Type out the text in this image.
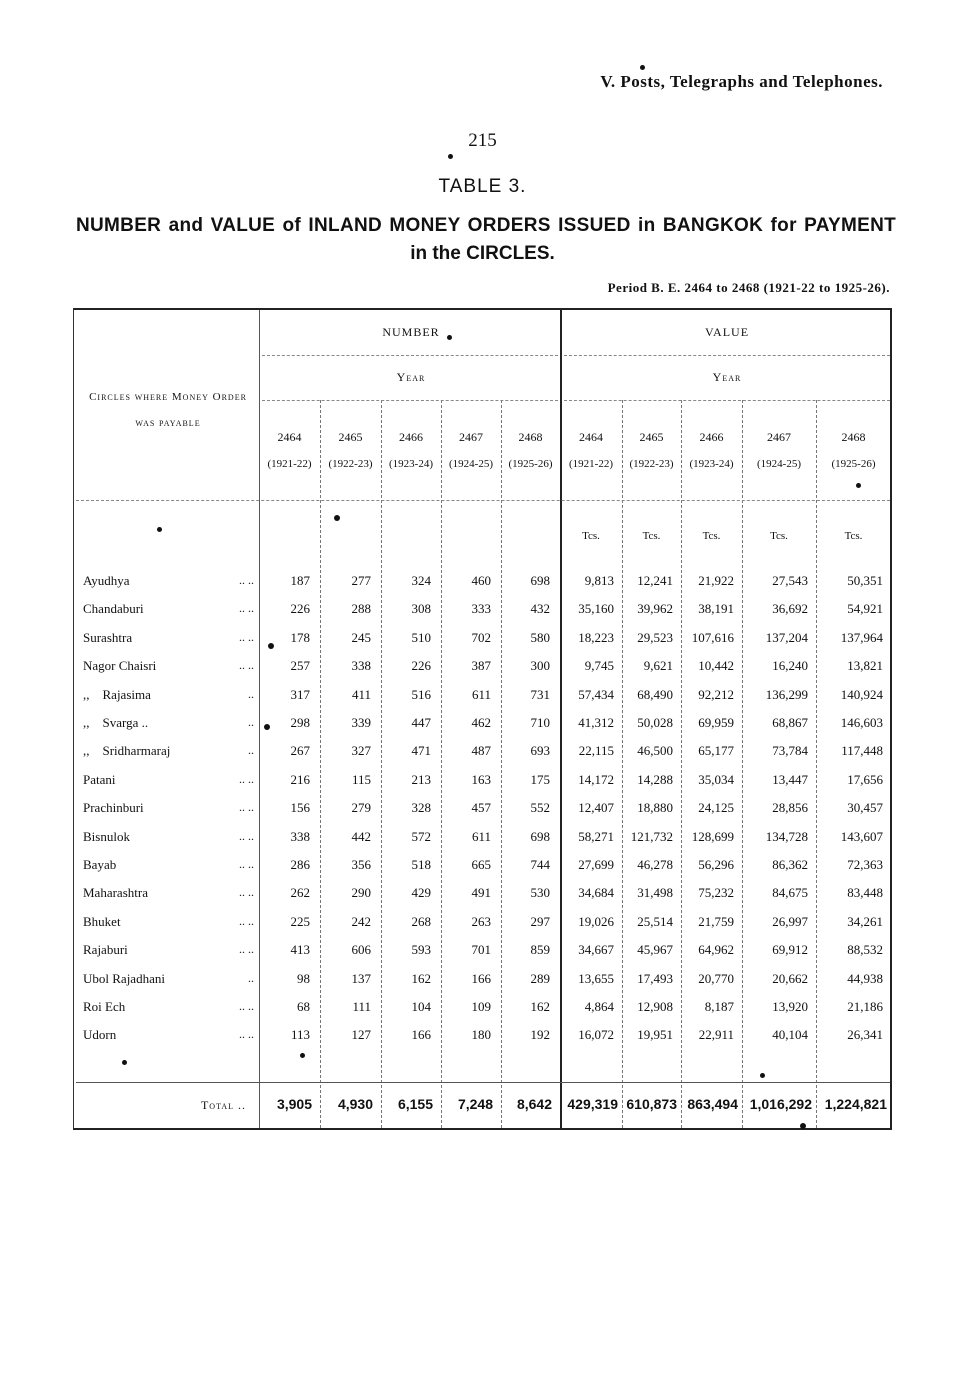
V. Posts, Telegraphs and Telephones.
215
TABLE 3.
NUMBER and VALUE of INLAND MONEY ORDERS ISSUED in BANGKOK for PAYMENT
in the CIRCLES.
Period B. E. 2464 to 2468 (1921-22 to 1925-26).
NUMBER	VALUE
Year	Year
Circles where Money Order was payable
2464
(1921-22)
2465
(1922-23)
2466
(1923-24)
2467
(1924-25)
2468
(1925-26)
2464
(1921-22)
Tcs.
2465
(1922-23)
Tcs.
2466
(1923-24)
Tcs.
2467
(1924-25)
Tcs.
2468
(1925-26)
Tcs.
Ayudhya	.. ..	187	277	324	460	698	9,813	12,241	21,922	27,543	50,351
Chandaburi	.. ..	226	288	308	333	432	35,160	39,962	38,191	36,692	54,921
Surashtra	.. ..	178	245	510	702	580	18,223	29,523	107,616	137,204	137,964
Nagor Chaisri	.. ..	257	338	226	387	300	9,745	9,621	10,442	16,240	13,821
,,    Rajasima	..	317	411	516	611	731	57,434	68,490	92,212	136,299	140,924
,,    Svarga ..	..	298	339	447	462	710	41,312	50,028	69,959	68,867	146,603
,,    Sridharmaraj	..	267	327	471	487	693	22,115	46,500	65,177	73,784	117,448
Patani	.. ..	216	115	213	163	175	14,172	14,288	35,034	13,447	17,656
Prachinburi	.. ..	156	279	328	457	552	12,407	18,880	24,125	28,856	30,457
Bisnulok	.. ..	338	442	572	611	698	58,271	121,732	128,699	134,728	143,607
Bayab	.. ..	286	356	518	665	744	27,699	46,278	56,296	86,362	72,363
Maharashtra	.. ..	262	290	429	491	530	34,684	31,498	75,232	84,675	83,448
Bhuket	.. ..	225	242	268	263	297	19,026	25,514	21,759	26,997	34,261
Rajaburi	.. ..	413	606	593	701	859	34,667	45,967	64,962	69,912	88,532
Ubol Rajadhani	..	98	137	162	166	289	13,655	17,493	20,770	20,662	44,938
Roi Ech	.. ..	68	111	104	109	162	4,864	12,908	8,187	13,920	21,186
Udorn	.. ..	113	127	166	180	192	16,072	19,951	22,911	40,104	26,341
Total ..	3,905	4,930	6,155	7,248	8,642	429,319 610,873 863,494 1,016,292 1,224,821
